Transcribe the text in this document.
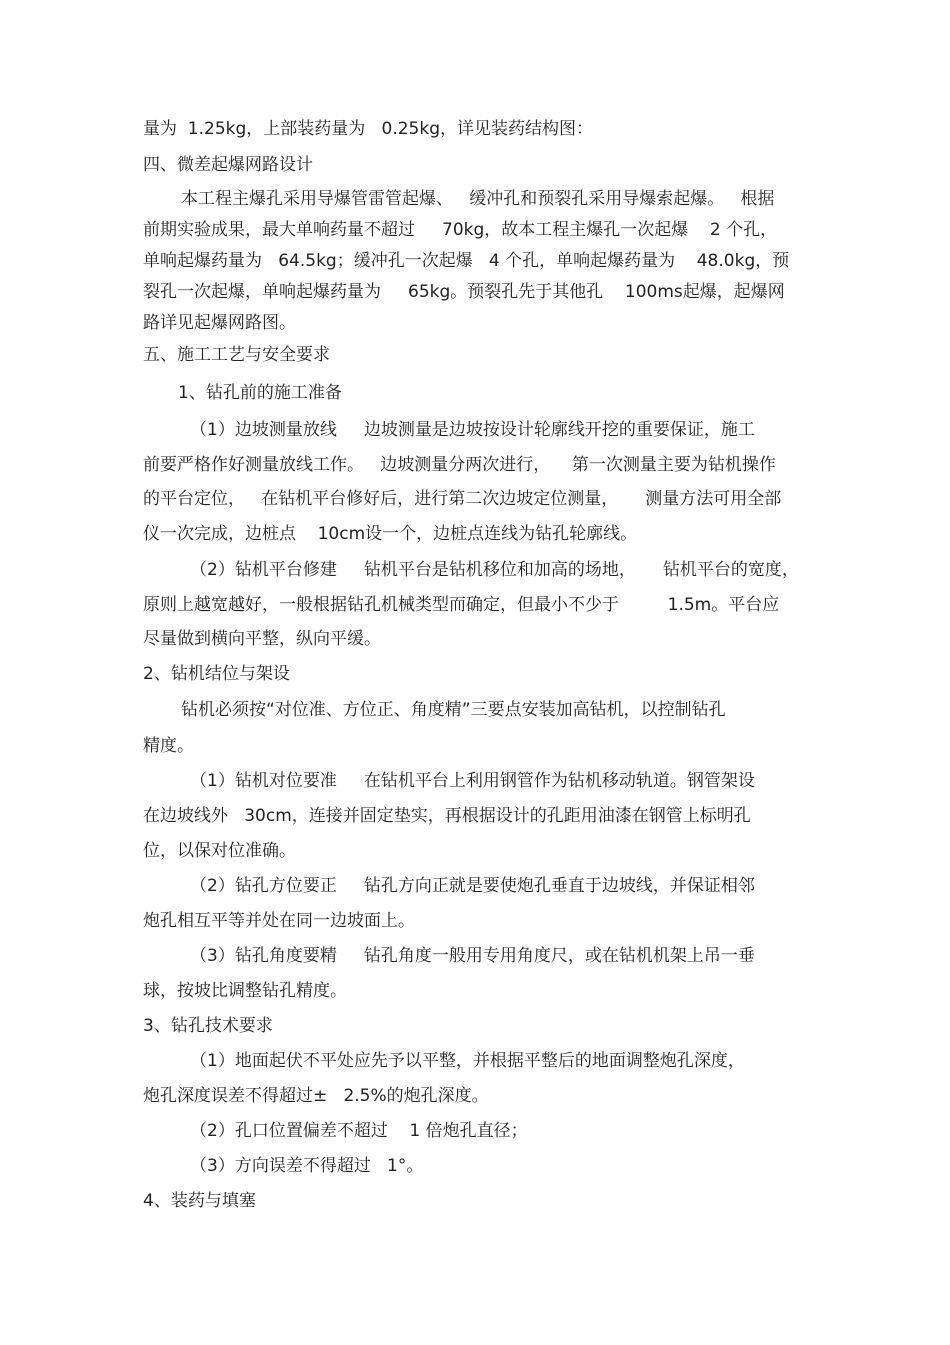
量为  1.25kg，上部装药量为   0.25kg，详见装药结构图：
四、微差起爆网路设计
本工程主爆孔采用导爆管雷管起爆、   缓冲孔和预裂孔采用导爆索起爆。   根据
前期实验成果，最大单响药量不超过     70kg，故本工程主爆孔一次起爆    2 个孔，
单响起爆药量为   64.5kg；缓冲孔一次起爆   4 个孔，单响起爆药量为    48.0kg，预
裂孔一次起爆，单响起爆药量为     65kg。预裂孔先于其他孔    100ms起爆，起爆网
路详见起爆网路图。
五、施工工艺与安全要求
1、钻孔前的施工准备
（1）边坡测量放线     边坡测量是边坡按设计轮廓线开挖的重要保证，施工
前要严格作好测量放线工作。   边坡测量分两次进行，    第一次测量主要为钻机操作
的平台定位，   在钻机平台修好后，进行第二次边坡定位测量，     测量方法可用全部
仪一次完成，边桩点    10cm设一个，边桩点连线为钻孔轮廓线。
（2）钻机平台修建     钻机平台是钻机移位和加高的场地，     钻机平台的宽度，
原则上越宽越好，一般根据钻孔机械类型而确定，但最小不少于         1.5m。平台应
尽量做到横向平整，纵向平缓。
2、钻机结位与架设
钻机必须按“对位准、方位正、角度精”三要点安装加高钻机，以控制钻孔
精度。
（1）钻机对位要准     在钻机平台上利用钢管作为钻机移动轨道。钢管架设
在边坡线外   30cm，连接并固定垫实，再根据设计的孔距用油漆在钢管上标明孔
位，以保对位准确。
（2）钻孔方位要正     钻孔方向正就是要使炮孔垂直于边坡线，并保证相邻
炮孔相互平等并处在同一边坡面上。
（3）钻孔角度要精     钻孔角度一般用专用角度尺，或在钻机机架上吊一垂
球，按坡比调整钻孔精度。
3、钻孔技术要求
（1）地面起伏不平处应先予以平整，并根据平整后的地面调整炮孔深度，
炮孔深度误差不得超过±   2.5%的炮孔深度。
（2）孔口位置偏差不超过    1 倍炮孔直径；
（3）方向误差不得超过   1°。
4、装药与填塞
